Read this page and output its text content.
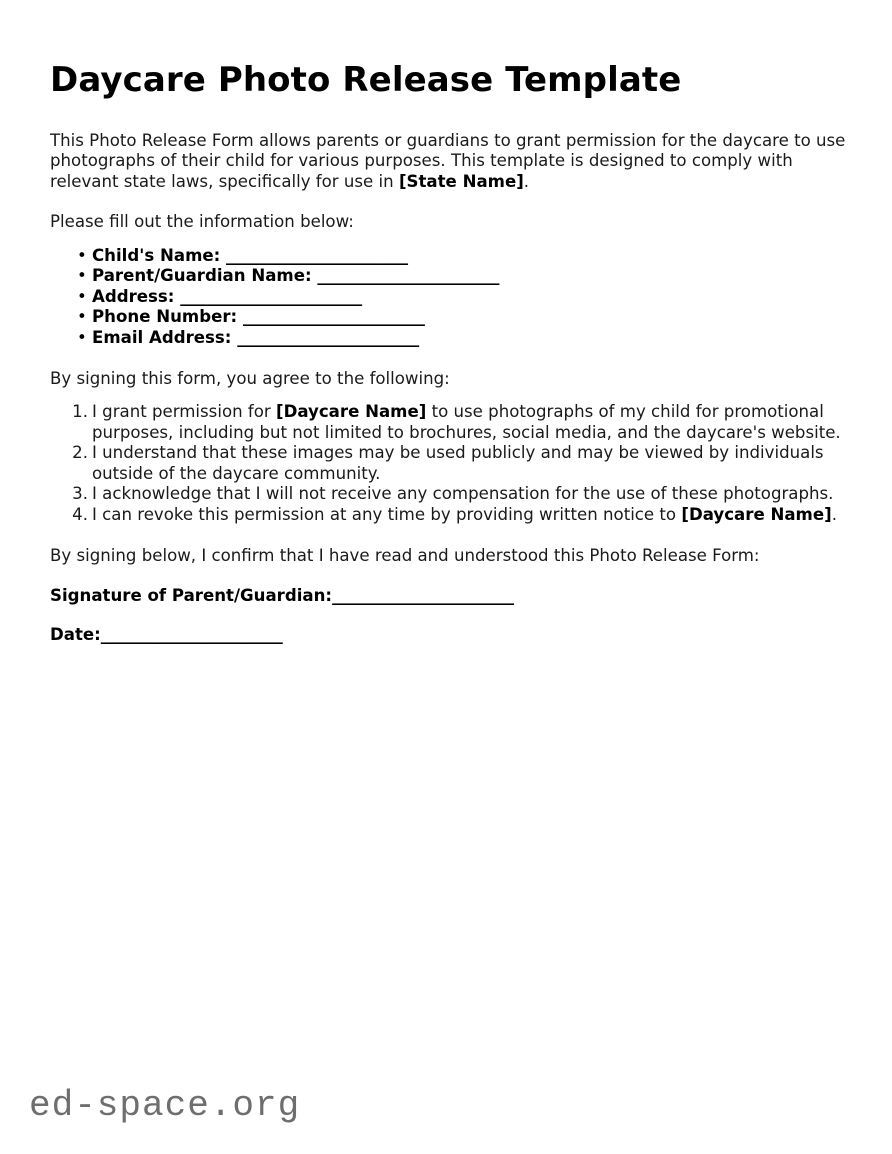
Daycare Photo Release Template

This Photo Release Form allows parents or guardians to grant permission for the daycare to use photographs of their child for various purposes. This template is designed to comply with relevant state laws, specifically for use in [State Name].

Please fill out the information below:

• Child's Name: _______________________
• Parent/Guardian Name: _______________________
• Address: _______________________
• Phone Number: _______________________
• Email Address: _______________________

By signing this form, you agree to the following:

I grant permission for [Daycare Name] to use photographs of my child for promotional purposes, including but not limited to brochures, social media, and the daycare's website.
I understand that these images may be used publicly and may be viewed by individuals outside of the daycare community.
I acknowledge that I will not receive any compensation for the use of these photographs.
I can revoke this permission at any time by providing written notice to [Daycare Name].

By signing below, I confirm that I have read and understood this Photo Release Form:

Signature of Parent/Guardian:_______________________
Date:_______________________
ed-space.org
